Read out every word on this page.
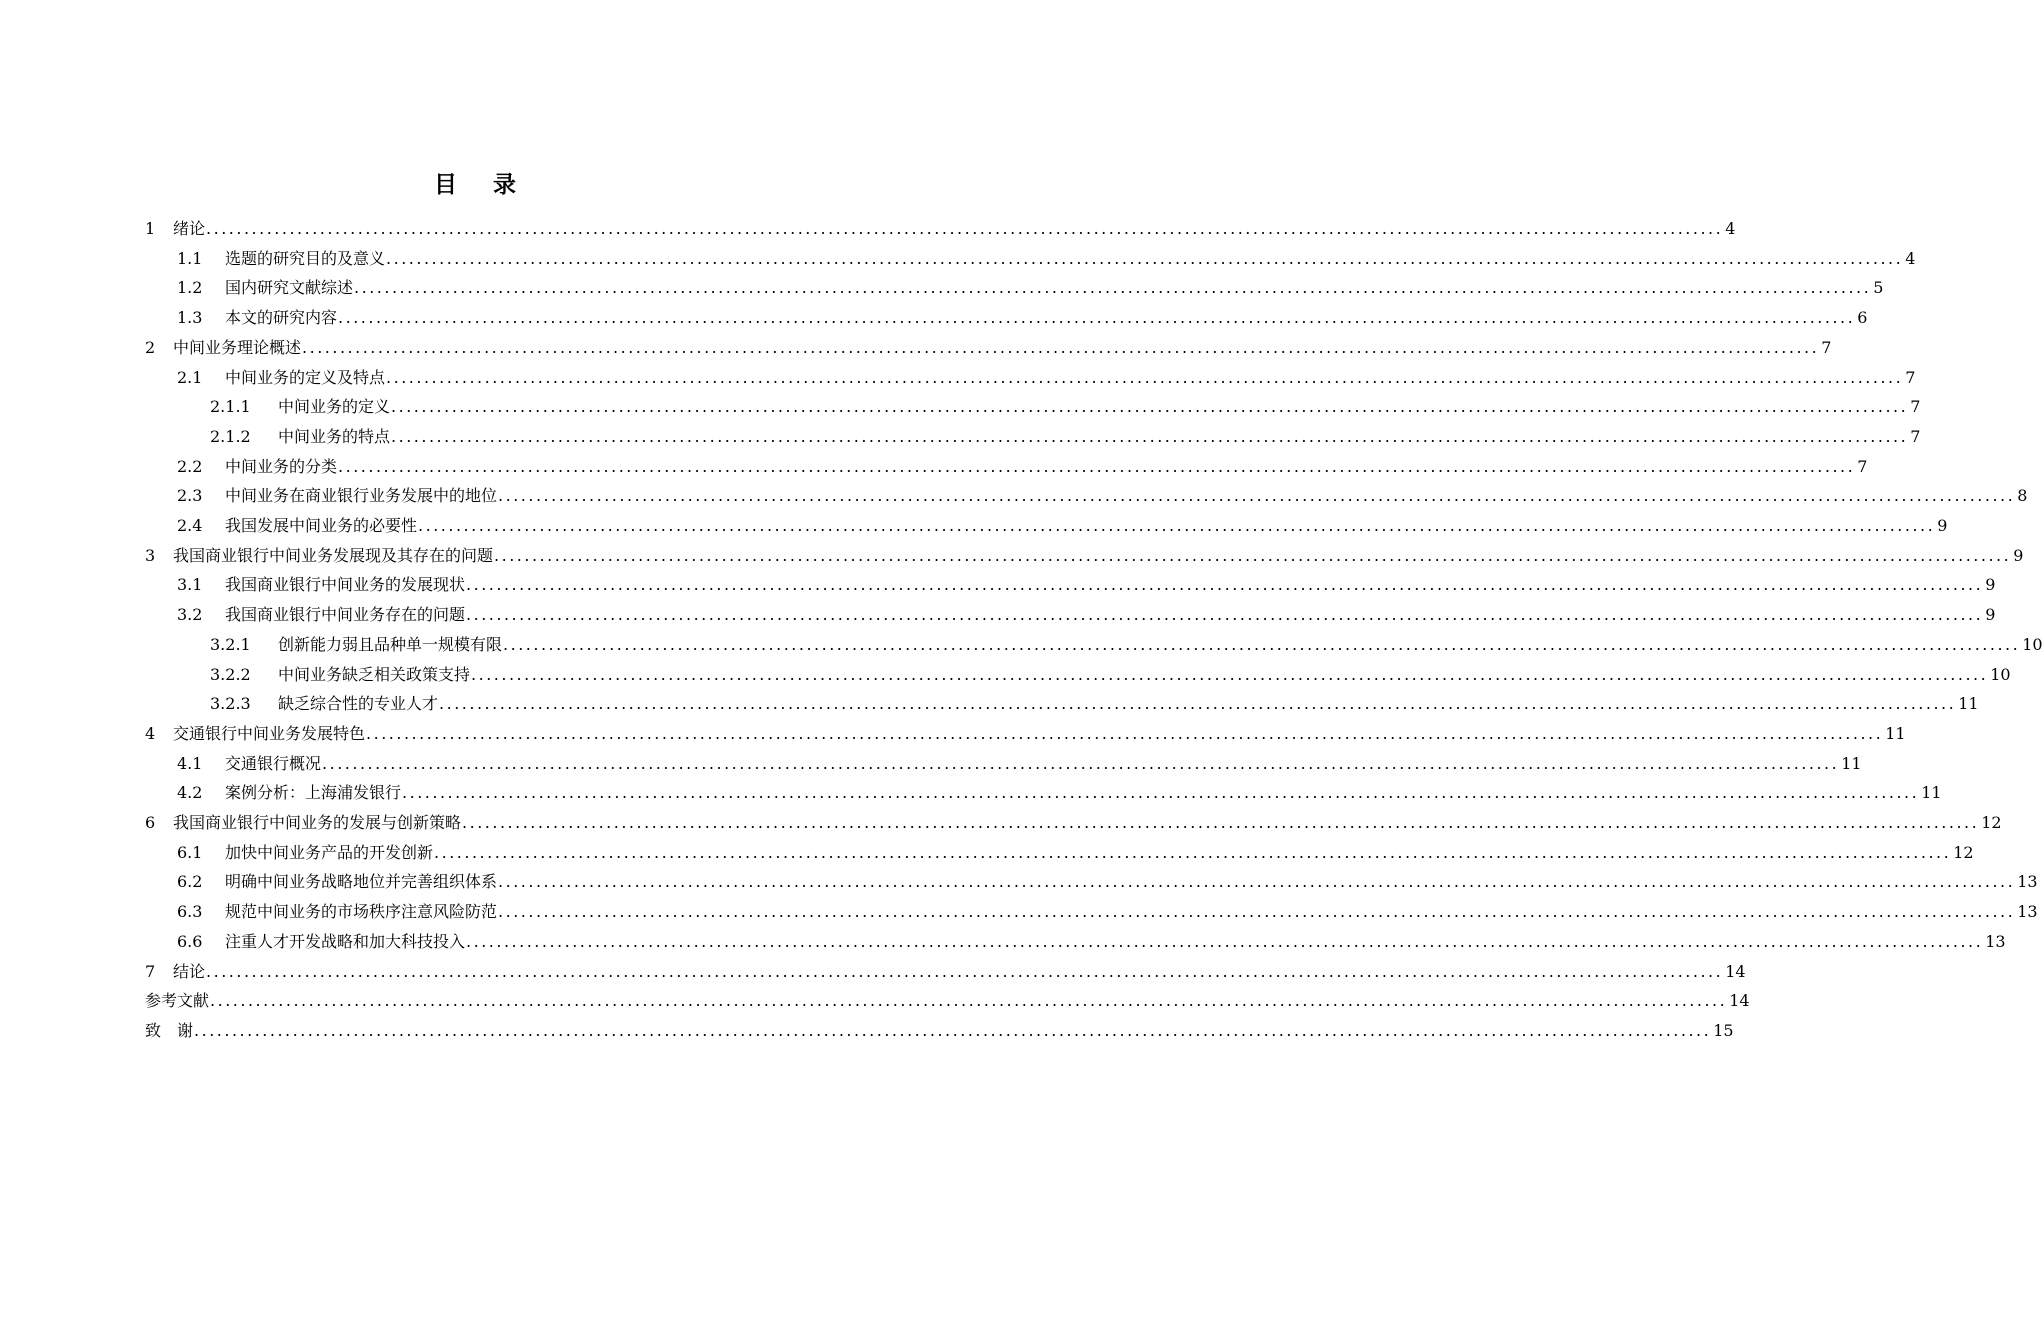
目 录
1	绪论 ........................................................................................................................................................................................................ 4
1.1	选题的研究目的及意义 ........................................................................................................................................................................................................ 4
1.2	国内研究文献综述 ........................................................................................................................................................................................................ 5
1.3	本文的研究内容 ........................................................................................................................................................................................................ 6
2	中间业务理论概述 ........................................................................................................................................................................................................ 7
2.1	中间业务的定义及特点 ........................................................................................................................................................................................................ 7
2.1.1	中间业务的定义 ........................................................................................................................................................................................................ 7
2.1.2	中间业务的特点 ........................................................................................................................................................................................................ 7
2.2	中间业务的分类 ........................................................................................................................................................................................................ 7
2.3	中间业务在商业银行业务发展中的地位 ........................................................................................................................................................................................................ 8
2.4	我国发展中间业务的必要性 ........................................................................................................................................................................................................ 9
3	我国商业银行中间业务发展现及其存在的问题 ........................................................................................................................................................................................................ 9
3.1	我国商业银行中间业务的发展现状 ........................................................................................................................................................................................................ 9
3.2	我国商业银行中间业务存在的问题 ........................................................................................................................................................................................................ 9
3.2.1	创新能力弱且品种单一规模有限 ........................................................................................................................................................................................................ 10
3.2.2	中间业务缺乏相关政策支持 ........................................................................................................................................................................................................ 10
3.2.3	缺乏综合性的专业人才 ........................................................................................................................................................................................................ 11
4	交通银行中间业务发展特色 ........................................................................................................................................................................................................ 11
4.1	交通银行概况 ........................................................................................................................................................................................................ 11
4.2	案例分析：上海浦发银行 ........................................................................................................................................................................................................ 11
6	我国商业银行中间业务的发展与创新策略 ........................................................................................................................................................................................................ 12
6.1	加快中间业务产品的开发创新 ........................................................................................................................................................................................................ 12
6.2	明确中间业务战略地位并完善组织体系 ........................................................................................................................................................................................................ 13
6.3	规范中间业务的市场秩序注意风险防范 ........................................................................................................................................................................................................ 13
6.6	注重人才开发战略和加大科技投入 ........................................................................................................................................................................................................ 13
7	结论 ........................................................................................................................................................................................................ 14
参考文献 ........................................................................................................................................................................................................ 14
致　谢 ........................................................................................................................................................................................................ 15
